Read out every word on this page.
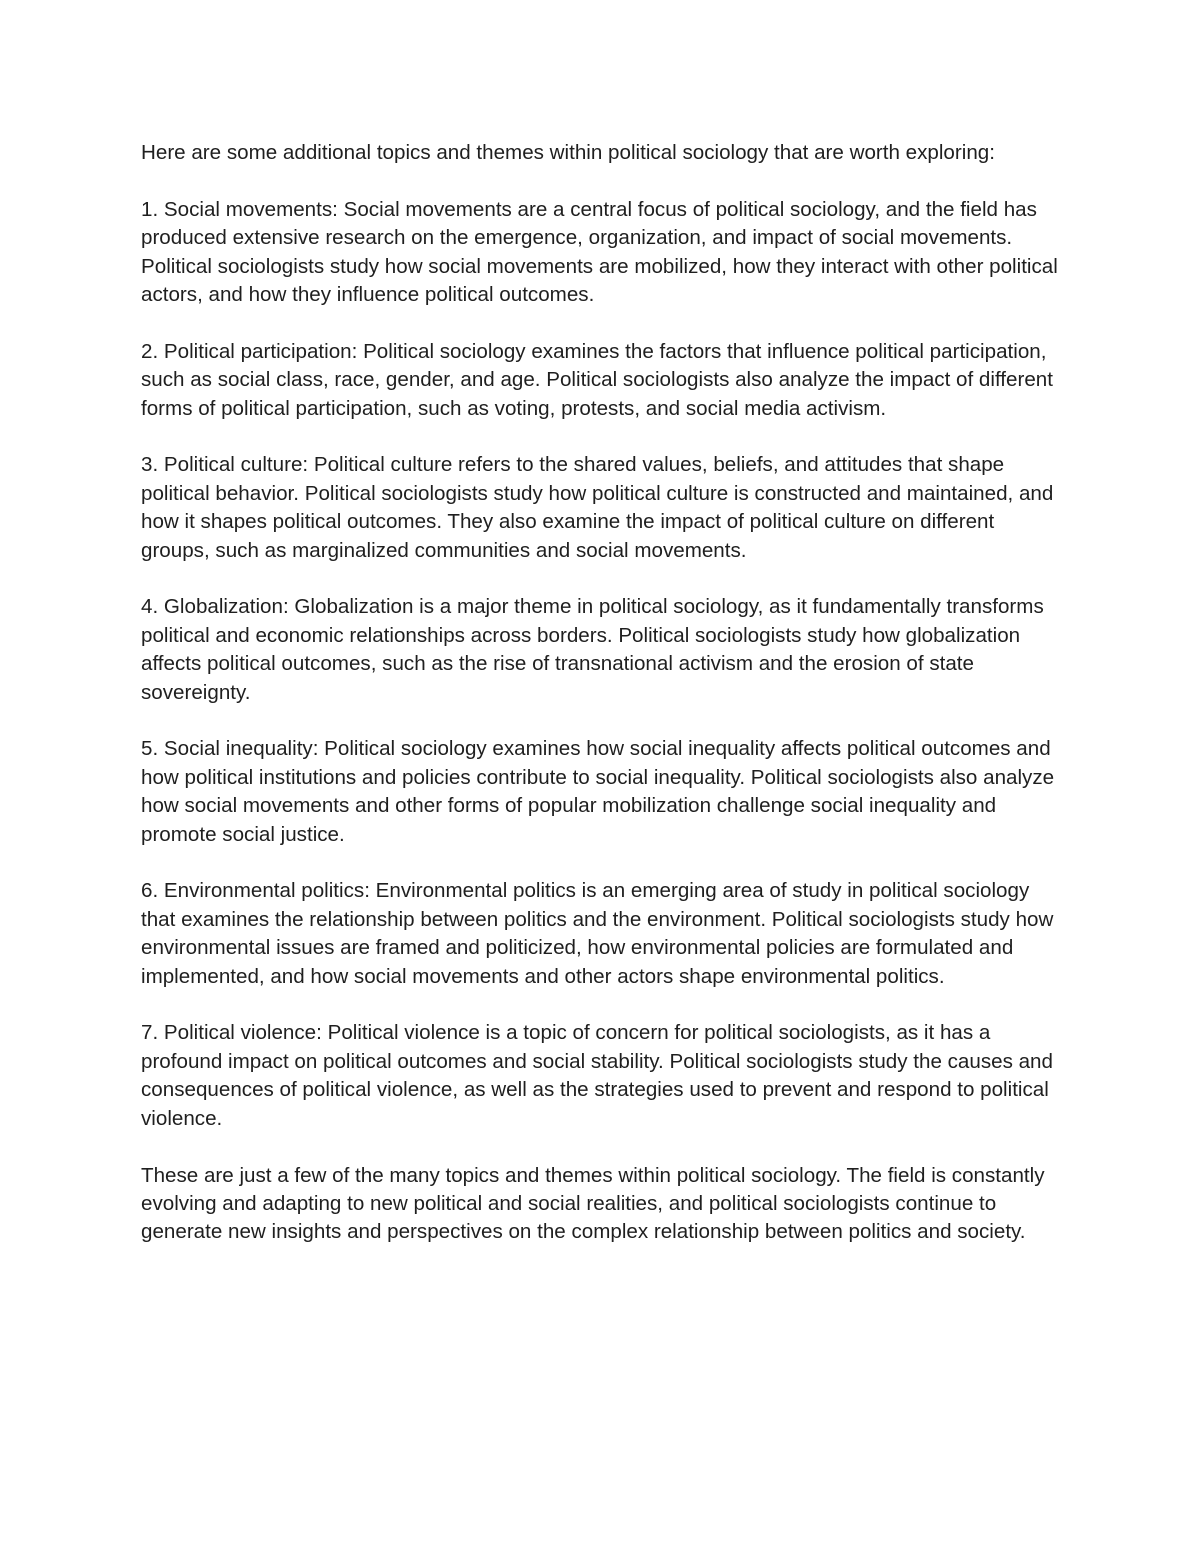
Here are some additional topics and themes within political sociology that are worth exploring:

1. Social movements: Social movements are a central focus of political sociology, and the field has produced extensive research on the emergence, organization, and impact of social movements. Political sociologists study how social movements are mobilized, how they interact with other political actors, and how they influence political outcomes.

2. Political participation: Political sociology examines the factors that influence political participation, such as social class, race, gender, and age. Political sociologists also analyze the impact of different forms of political participation, such as voting, protests, and social media activism.

3. Political culture: Political culture refers to the shared values, beliefs, and attitudes that shape political behavior. Political sociologists study how political culture is constructed and maintained, and how it shapes political outcomes. They also examine the impact of political culture on different groups, such as marginalized communities and social movements.

4. Globalization: Globalization is a major theme in political sociology, as it fundamentally transforms political and economic relationships across borders. Political sociologists study how globalization affects political outcomes, such as the rise of transnational activism and the erosion of state sovereignty.

5. Social inequality: Political sociology examines how social inequality affects political outcomes and how political institutions and policies contribute to social inequality. Political sociologists also analyze how social movements and other forms of popular mobilization challenge social inequality and promote social justice.

6. Environmental politics: Environmental politics is an emerging area of study in political sociology that examines the relationship between politics and the environment. Political sociologists study how environmental issues are framed and politicized, how environmental policies are formulated and implemented, and how social movements and other actors shape environmental politics.

7. Political violence: Political violence is a topic of concern for political sociologists, as it has a profound impact on political outcomes and social stability. Political sociologists study the causes and consequences of political violence, as well as the strategies used to prevent and respond to political violence.

These are just a few of the many topics and themes within political sociology. The field is constantly evolving and adapting to new political and social realities, and political sociologists continue to generate new insights and perspectives on the complex relationship between politics and society.
